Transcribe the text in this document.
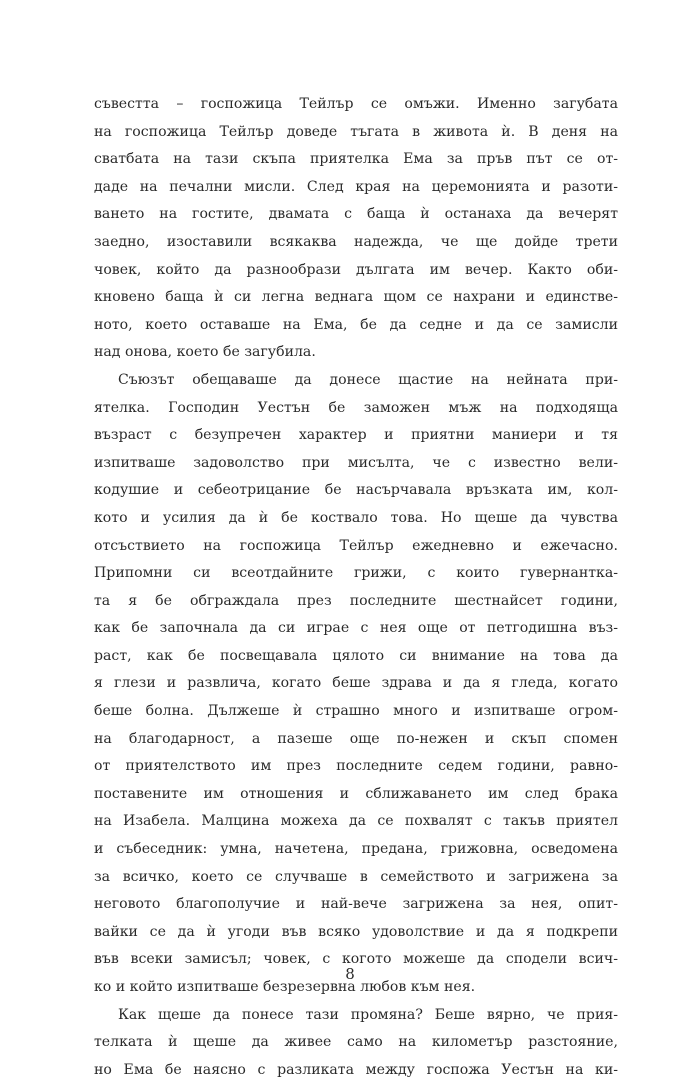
съвестта – госпожица Тейлър се омъжи. Именно загубата
на госпожица Тейлър доведе тъгата в живота ѝ. В деня на
сватбата на тази скъпа приятелка Ема за пръв път се от-
даде на печални мисли. След края на церемонията и разоти-
ването на гостите, двамата с баща ѝ останаха да вечерят
заедно, изоставили всякаква надежда, че ще дойде трети
човек, който да разнообрази дългата им вечер. Както оби-
кновено баща ѝ си легна веднага щом се нахрани и единстве-
ното, което оставаше на Ема, бе да седне и да се замисли
над онова, което бе загубила.
Съюзът обещаваше да донесе щастие на нейната при-
ятелка. Господин Уестън бе заможен мъж на подходяща
възраст с безупречен характер и приятни маниери и тя
изпитваше задоволство при мисълта, че с известно вели-
кодушие и себеотрицание бе насърчавала връзката им, кол-
кото и усилия да ѝ бе коствало това. Но щеше да чувства
отсъствието на госпожица Тейлър ежедневно и ежечасно.
Припомни си всеотдайните грижи, с които гувернантка-
та я бе обграждала през последните шестнайсет години,
как бе започнала да си играе с нея още от петгодишна въз-
раст, как бе посвещавала цялото си внимание на това да
я глези и развлича, когато беше здрава и да я гледа, когато
беше болна. Дължеше ѝ страшно много и изпитваше огром-
на благодарност, а пазеше още по-нежен и скъп спомен
от приятелството им през последните седем години, равно-
поставените им отношения и сближаването им след брака
на Изабела. Малцина можеха да се похвалят с такъв приятел
и събеседник: умна, начетена, предана, грижовна, осведомена
за всичко, което се случваше в семейството и загрижена за
неговото благополучие и най-вече загрижена за нея, опит-
вайки се да ѝ угоди във всяко удоволствие и да я подкрепи
във всеки замисъл; човек, с когото можеше да сподели всич-
ко и който изпитваше безрезервна любов към нея.
Как щеше да понесе тази промяна? Беше вярно, че прия-
телката ѝ щеше да живее само на километър разстояние,
но Ема бе наясно с разликата между госпожа Уестън на ки-
8
